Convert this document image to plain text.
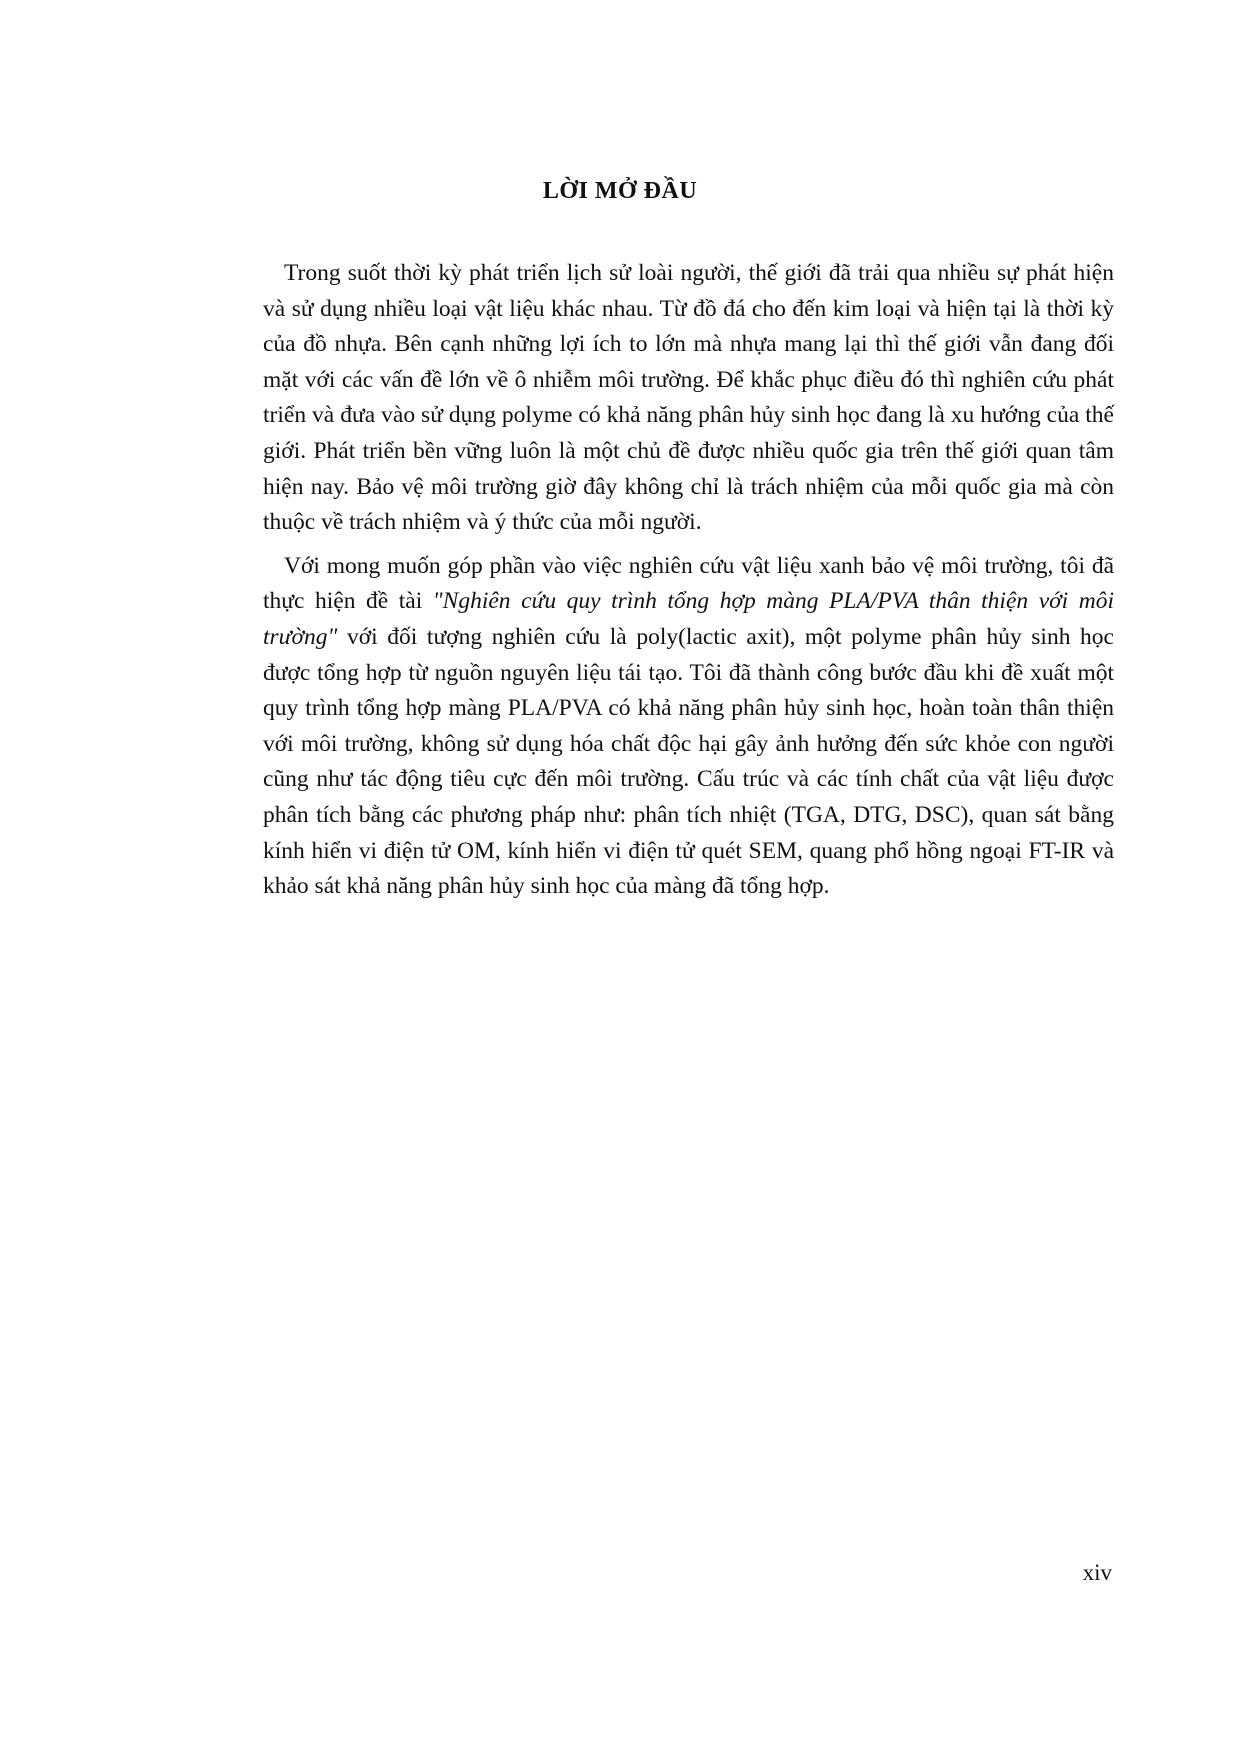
LỜI MỞ ĐẦU

Trong suốt thời kỳ phát triển lịch sử loài người, thế giới đã trải qua nhiều sự phát hiện và sử dụng nhiều loại vật liệu khác nhau. Từ đồ đá cho đến kim loại và hiện tại là thời kỳ của đồ nhựa. Bên cạnh những lợi ích to lớn mà nhựa mang lại thì thế giới vẫn đang đối mặt với các vấn đề lớn về ô nhiễm môi trường. Để khắc phục điều đó thì nghiên cứu phát triển và đưa vào sử dụng polyme có khả năng phân hủy sinh học đang là xu hướng của thế giới. Phát triển bền vững luôn là một chủ đề được nhiều quốc gia trên thế giới quan tâm hiện nay. Bảo vệ môi trường giờ đây không chỉ là trách nhiệm của mỗi quốc gia mà còn thuộc về trách nhiệm và ý thức của mỗi người.

Với mong muốn góp phần vào việc nghiên cứu vật liệu xanh bảo vệ môi trường, tôi đã thực hiện đề tài "Nghiên cứu quy trình tổng hợp màng PLA/PVA thân thiện với môi trường" với đối tượng nghiên cứu là poly(lactic axit), một polyme phân hủy sinh học được tổng hợp từ nguồn nguyên liệu tái tạo. Tôi đã thành công bước đầu khi đề xuất một quy trình tổng hợp màng PLA/PVA có khả năng phân hủy sinh học, hoàn toàn thân thiện với môi trường, không sử dụng hóa chất độc hại gây ảnh hưởng đến sức khỏe con người cũng như tác động tiêu cực đến môi trường. Cấu trúc và các tính chất của vật liệu được phân tích bằng các phương pháp như: phân tích nhiệt (TGA, DTG, DSC), quan sát bằng kính hiển vi điện tử OM, kính hiển vi điện tử quét SEM, quang phổ hồng ngoại FT-IR và khảo sát khả năng phân hủy sinh học của màng đã tổng hợp.

xiv
